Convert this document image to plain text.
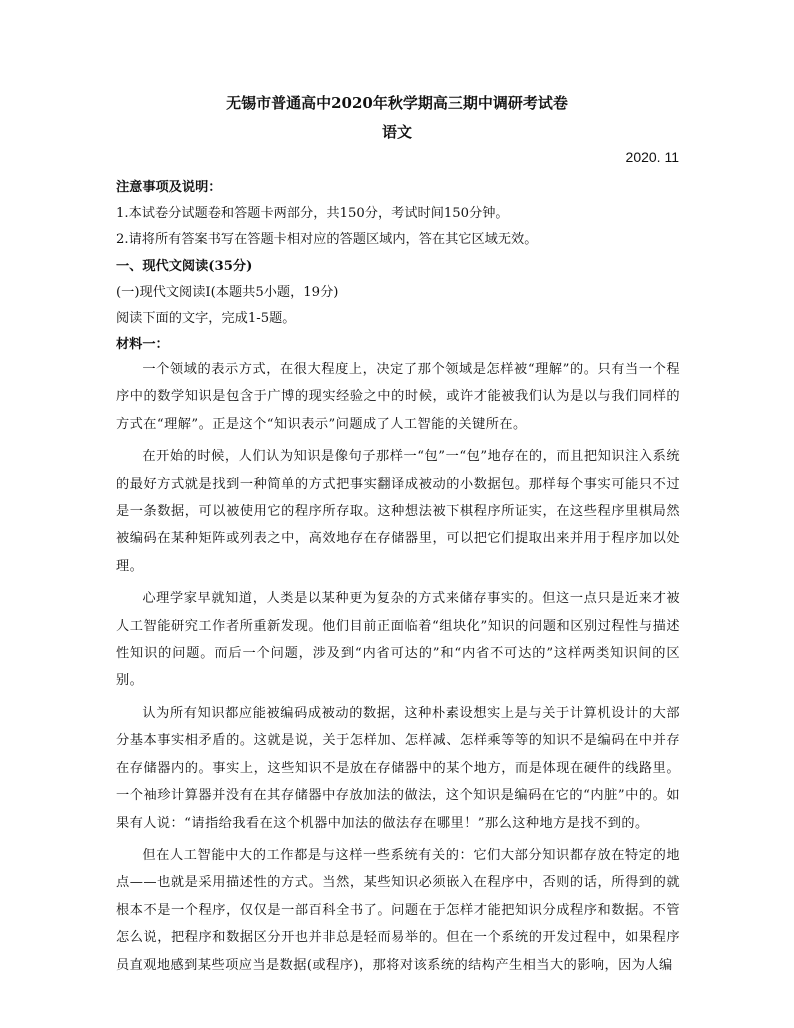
无锡市普通高中2020年秋学期高三期中调研考试卷
语文
2020. 11
注意事项及说明：
1.本试卷分试题卷和答题卡两部分，共150分，考试时间150分钟。
2.请将所有答案书写在答题卡相对应的答题区域内，答在其它区域无效。
一、现代文阅读(35分)
(一)现代文阅读Ⅰ(本题共5小题，19分)
阅读下面的文字，完成1-5题。
材料一：

一个领域的表示方式，在很大程度上，决定了那个领域是怎样被“理解”的。只有当一个程序中的数学知识是包含于广博的现实经验之中的时候，或许才能被我们认为是以与我们同样的方式在“理解”。正是这个“知识表示”问题成了人工智能的关键所在。

在开始的时候，人们认为知识是像句子那样一“包”一“包”地存在的，而且把知识注入系统的最好方式就是找到一种简单的方式把事实翻译成被动的小数据包。那样每个事实可能只不过是一条数据，可以被使用它的程序所存取。这种想法被下棋程序所证实，在这些程序里棋局然被编码在某种矩阵或列表之中，高效地存在存储器里，可以把它们提取出来并用于程序加以处理。

心理学家早就知道，人类是以某种更为复杂的方式来储存事实的。但这一点只是近来才被人工智能研究工作者所重新发现。他们目前正面临着“组块化”知识的问题和区别过程性与描述性知识的问题。而后一个问题，涉及到“内省可达的”和“内省不可达的”这样两类知识间的区别。

认为所有知识都应能被编码成被动的数据，这种朴素设想实上是与关于计算机设计的大部分基本事实相矛盾的。这就是说，关于怎样加、怎样减、怎样乘等等的知识不是编码在中并存在存储器内的。事实上，这些知识不是放在存储器中的某个地方，而是体现在硬件的线路里。一个袖珍计算器并没有在其存储器中存放加法的做法，这个知识是编码在它的“内脏”中的。如果有人说：“请指给我看在这个机器中加法的做法存在哪里！”那么这种地方是找不到的。

但在人工智能中大的工作都是与这样一些系统有关的：它们大部分知识都存放在特定的地点——也就是采用描述性的方式。当然，某些知识必须嵌入在程序中，否则的话，所得到的就根本不是一个程序，仅仅是一部百科全书了。问题在于怎样才能把知识分成程序和数据。不管怎么说，把程序和数据区分开也并非总是轻而易举的。但在一个系统的开发过程中，如果程序员直观地感到某些项应当是数据(或程序)，那将对该系统的结构产生相当大的影响，因为人编
